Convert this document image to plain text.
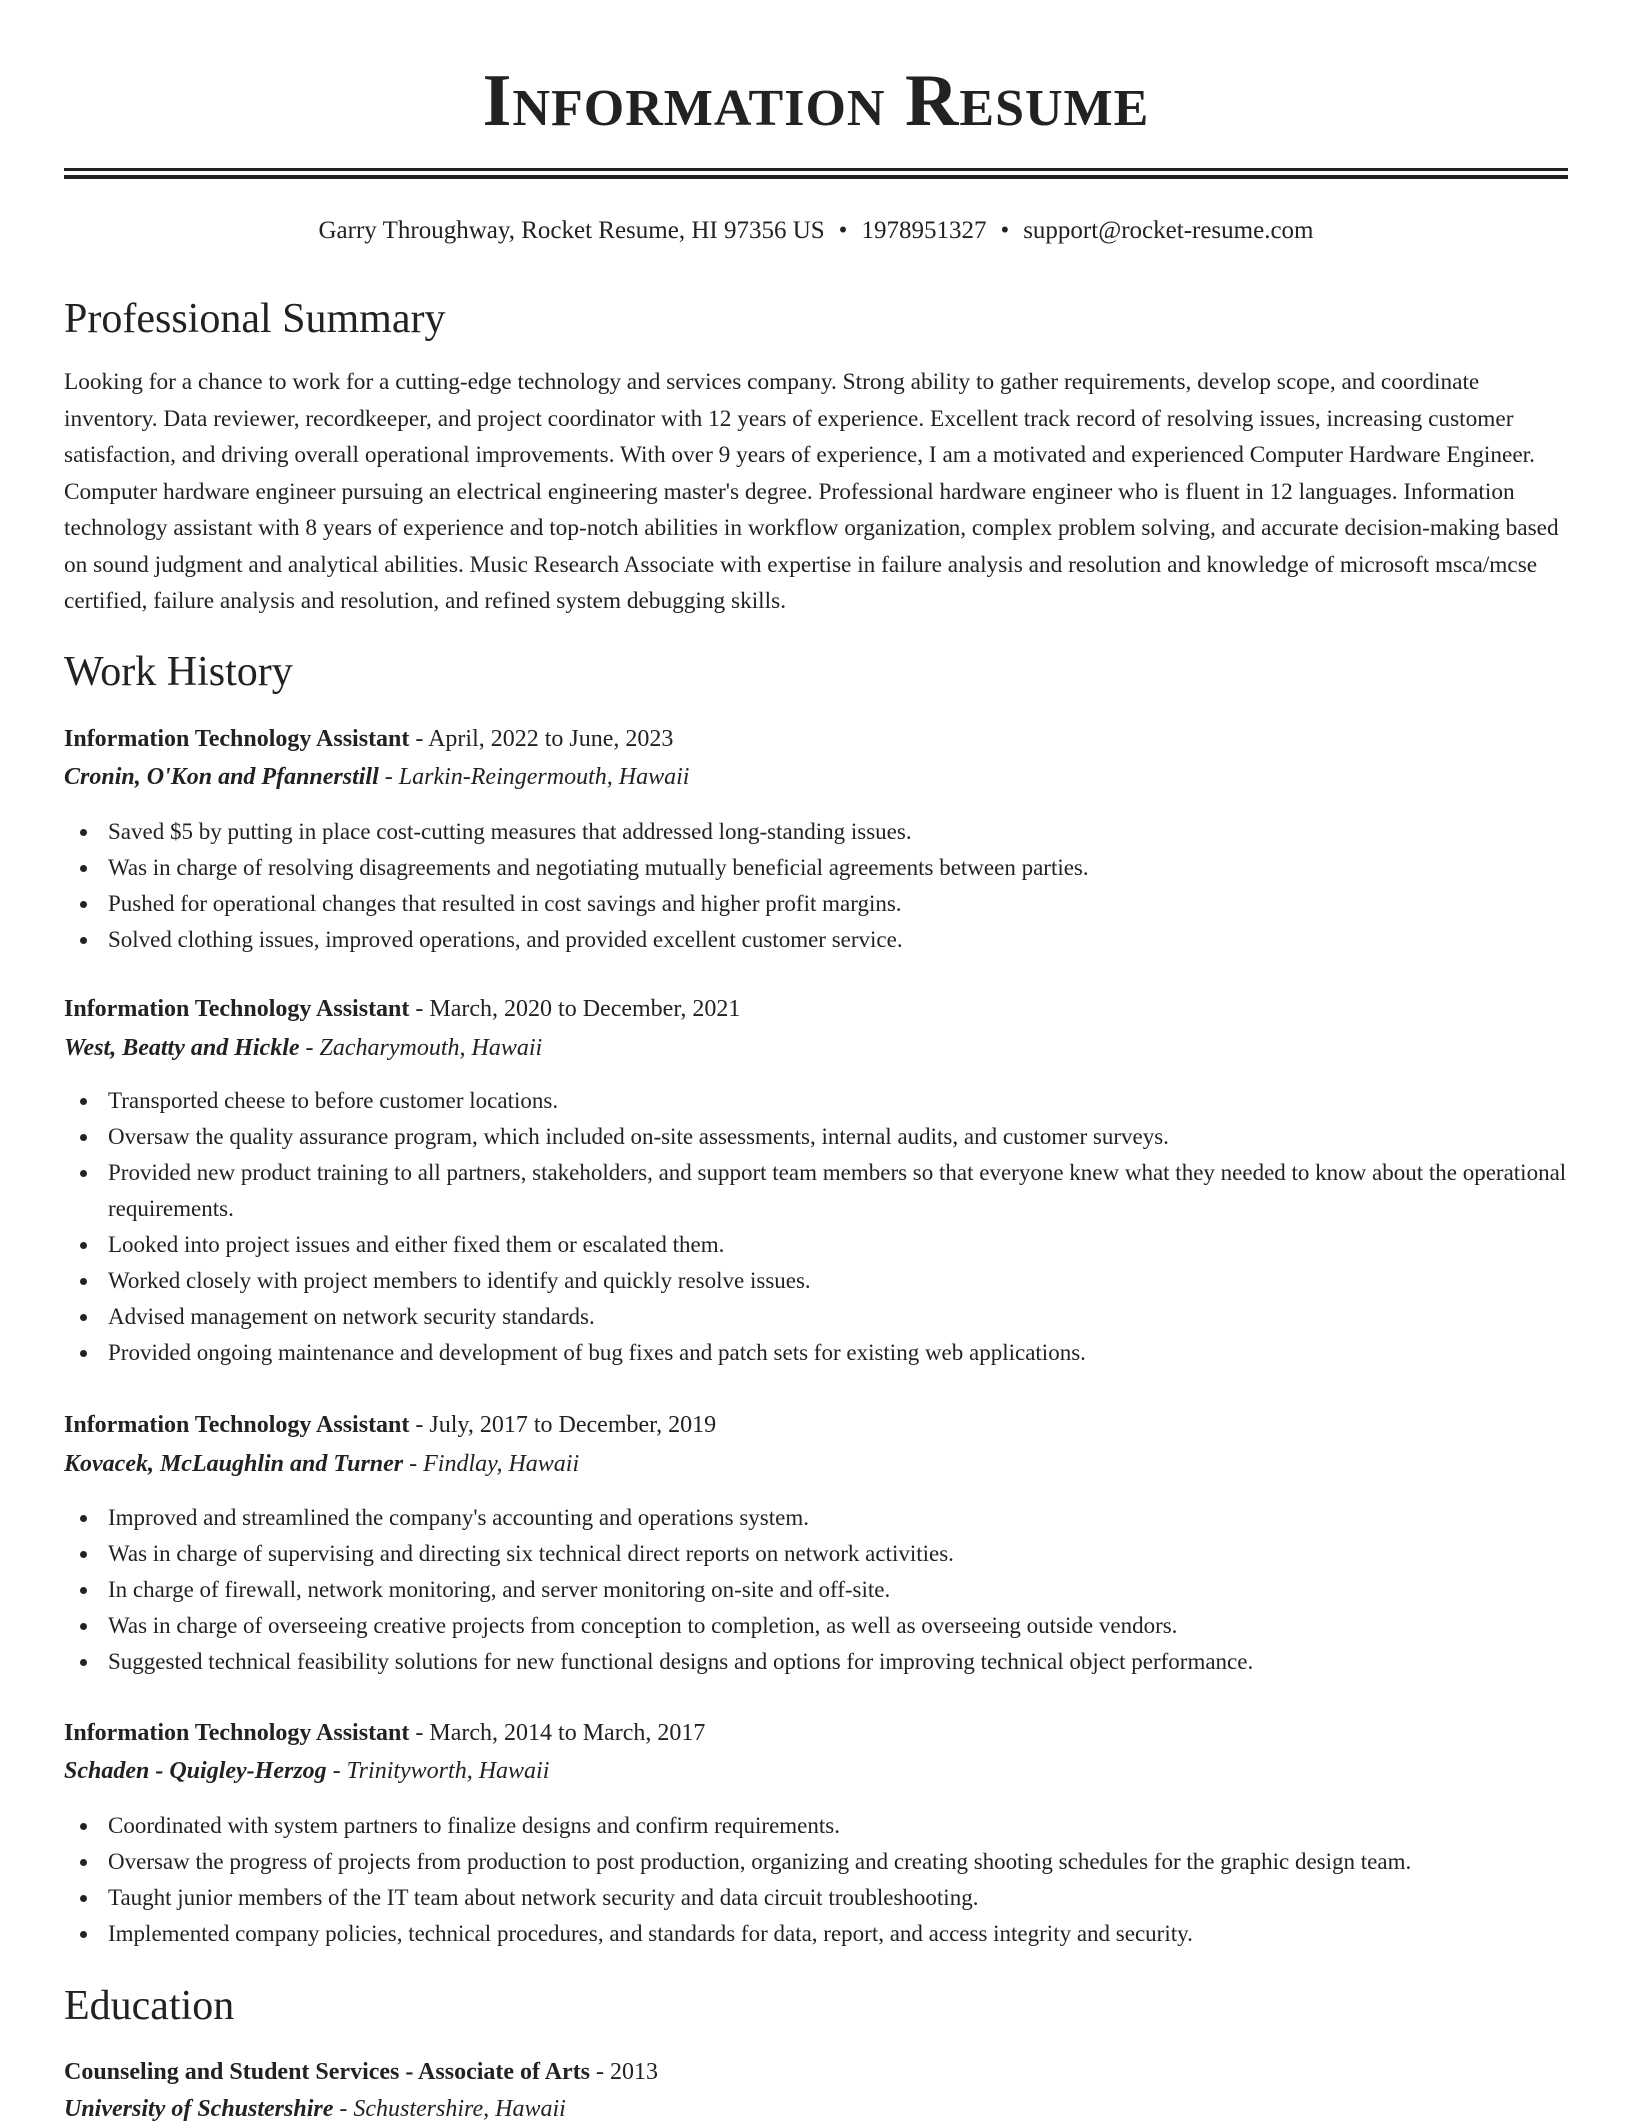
Information Resume
Garry Throughway, Rocket Resume, HI 97356 US • 1978951327 • support@rocket-resume.com
Professional Summary

Looking for a chance to work for a cutting-edge technology and services company. Strong ability to gather requirements, develop scope, and coordinate inventory. Data reviewer, recordkeeper, and project coordinator with 12 years of experience. Excellent track record of resolving issues, increasing customer satisfaction, and driving overall operational improvements. With over 9 years of experience, I am a motivated and experienced Computer Hardware Engineer. Computer hardware engineer pursuing an electrical engineering master's degree. Professional hardware engineer who is fluent in 12 languages. Information technology assistant with 8 years of experience and top-notch abilities in workflow organization, complex problem solving, and accurate decision-making based on sound judgment and analytical abilities. Music Research Associate with expertise in failure analysis and resolution and knowledge of microsoft msca/mcse certified, failure analysis and resolution, and refined system debugging skills.

Work History
Information Technology Assistant - April, 2022 to June, 2023
Cronin, O'Kon and Pfannerstill - Larkin-Reingermouth, Hawaii
Saved $5 by putting in place cost-cutting measures that addressed long-standing issues.
Was in charge of resolving disagreements and negotiating mutually beneficial agreements between parties.
Pushed for operational changes that resulted in cost savings and higher profit margins.
Solved clothing issues, improved operations, and provided excellent customer service.
Information Technology Assistant - March, 2020 to December, 2021
West, Beatty and Hickle - Zacharymouth, Hawaii
Transported cheese to before customer locations.
Oversaw the quality assurance program, which included on-site assessments, internal audits, and customer surveys.
Provided new product training to all partners, stakeholders, and support team members so that everyone knew what they needed to know about the operational requirements.
Looked into project issues and either fixed them or escalated them.
Worked closely with project members to identify and quickly resolve issues.
Advised management on network security standards.
Provided ongoing maintenance and development of bug fixes and patch sets for existing web applications.
Information Technology Assistant - July, 2017 to December, 2019
Kovacek, McLaughlin and Turner - Findlay, Hawaii
Improved and streamlined the company's accounting and operations system.
Was in charge of supervising and directing six technical direct reports on network activities.
In charge of firewall, network monitoring, and server monitoring on-site and off-site.
Was in charge of overseeing creative projects from conception to completion, as well as overseeing outside vendors.
Suggested technical feasibility solutions for new functional designs and options for improving technical object performance.
Information Technology Assistant - March, 2014 to March, 2017
Schaden - Quigley-Herzog - Trinityworth, Hawaii
Coordinated with system partners to finalize designs and confirm requirements.
Oversaw the progress of projects from production to post production, organizing and creating shooting schedules for the graphic design team.
Taught junior members of the IT team about network security and data circuit troubleshooting.
Implemented company policies, technical procedures, and standards for data, report, and access integrity and security.
Education
Counseling and Student Services - Associate of Arts - 2013
University of Schustershire - Schustershire, Hawaii
